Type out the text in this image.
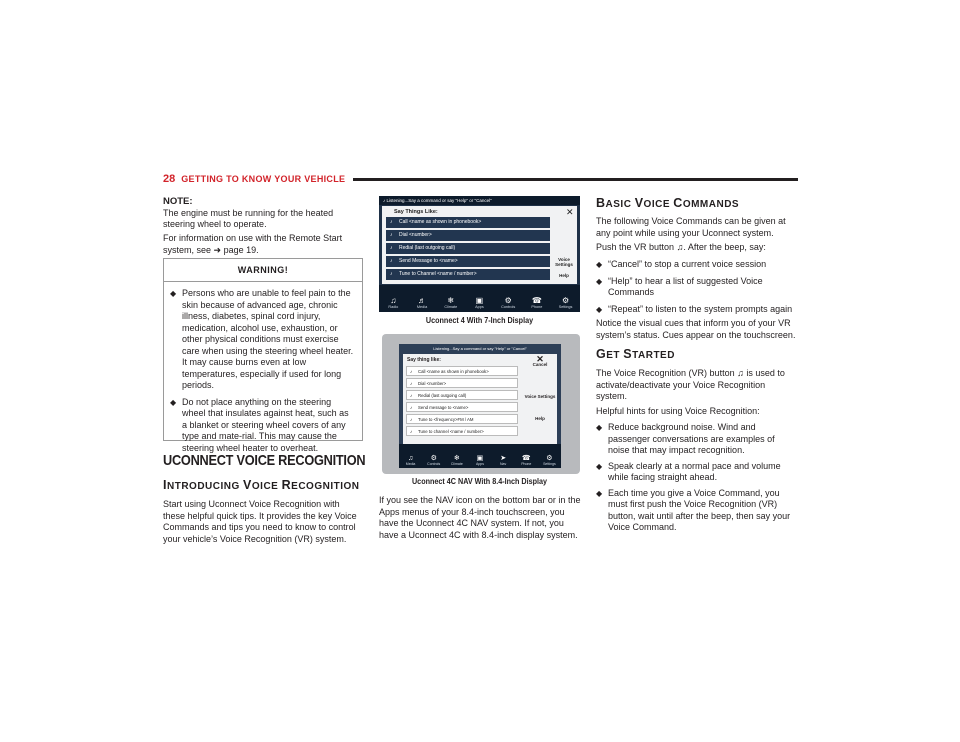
28 GETTING TO KNOW YOUR VEHICLE
NOTE:
The engine must be running for the heated steering wheel to operate.
For information on use with the Remote Start system, see ➜ page 19.
WARNING!
◆ Persons who are unable to feel pain to the skin because of advanced age, chronic illness, diabetes, spinal cord injury, medication, alcohol use, exhaustion, or other physical conditions must exercise care when using the steering wheel heater. It may cause burns even at low temperatures, especially if used for long periods.
◆ Do not place anything on the steering wheel that insulates against heat, such as a blanket or steering wheel covers of any type and mate-rial. This may cause the steering wheel heater to overheat.
UCONNECT VOICE RECOGNITION
INTRODUCING VOICE RECOGNITION
Start using Uconnect Voice Recognition with these helpful quick tips. It provides the key Voice Commands and tips you need to know to control your vehicle’s Voice Recognition (VR) system.
♪ Listening...Say a command or say "Help" or "Cancel"
Say Things Like:	✕
♪ Call <name as shown in phonebook>
♪ Dial <number>
♪ Redial (last outgoing call)
♪ Send Message to <name>
♪ Tune to Channel <name / number>
Voice Settings
Help
♫
Radio
♬
Media
❄
Climate
▣
Apps
⚙
Controls
☎
Phone
⚙
Settings
Uconnect 4 With 7-Inch Display
Listening...Say a command or say "Help" or "Cancel"
Say thing like:
♪ Call <name as shown in phonebook>
♪ Dial <number>
♪ Redial (last outgoing call)
♪ Send message to <name>
♪ Tune to <frequency>FM / AM
♪ Tune to channel <name / number>
✕
Cancel
Voice Settings
Help
♫
Media
⚙
Controls
❄
Climate
▣
Apps
➤
Nav
☎
Phone
⚙
Settings
Uconnect 4C NAV With 8.4-Inch Display
If you see the NAV icon on the bottom bar or in the Apps menus of your 8.4-inch touchscreen, you have the Uconnect 4C NAV system. If not, you have a Uconnect 4C with 8.4-inch display system.
BASIC VOICE COMMANDS
The following Voice Commands can be given at any point while using your Uconnect system.
Push the VR button ♫. After the beep, say:
◆ “Cancel” to stop a current voice session
◆ “Help” to hear a list of suggested Voice Commands
◆ “Repeat” to listen to the system prompts again
Notice the visual cues that inform you of your VR system’s status. Cues appear on the touchscreen.
GET STARTED
The Voice Recognition (VR) button ♫ is used to activate/deactivate your Voice Recognition system.
Helpful hints for using Voice Recognition:
◆ Reduce background noise. Wind and passenger conversations are examples of noise that may impact recognition.
◆ Speak clearly at a normal pace and volume while facing straight ahead.
◆ Each time you give a Voice Command, you must first push the Voice Recognition (VR) button, wait until after the beep, then say your Voice Command.
